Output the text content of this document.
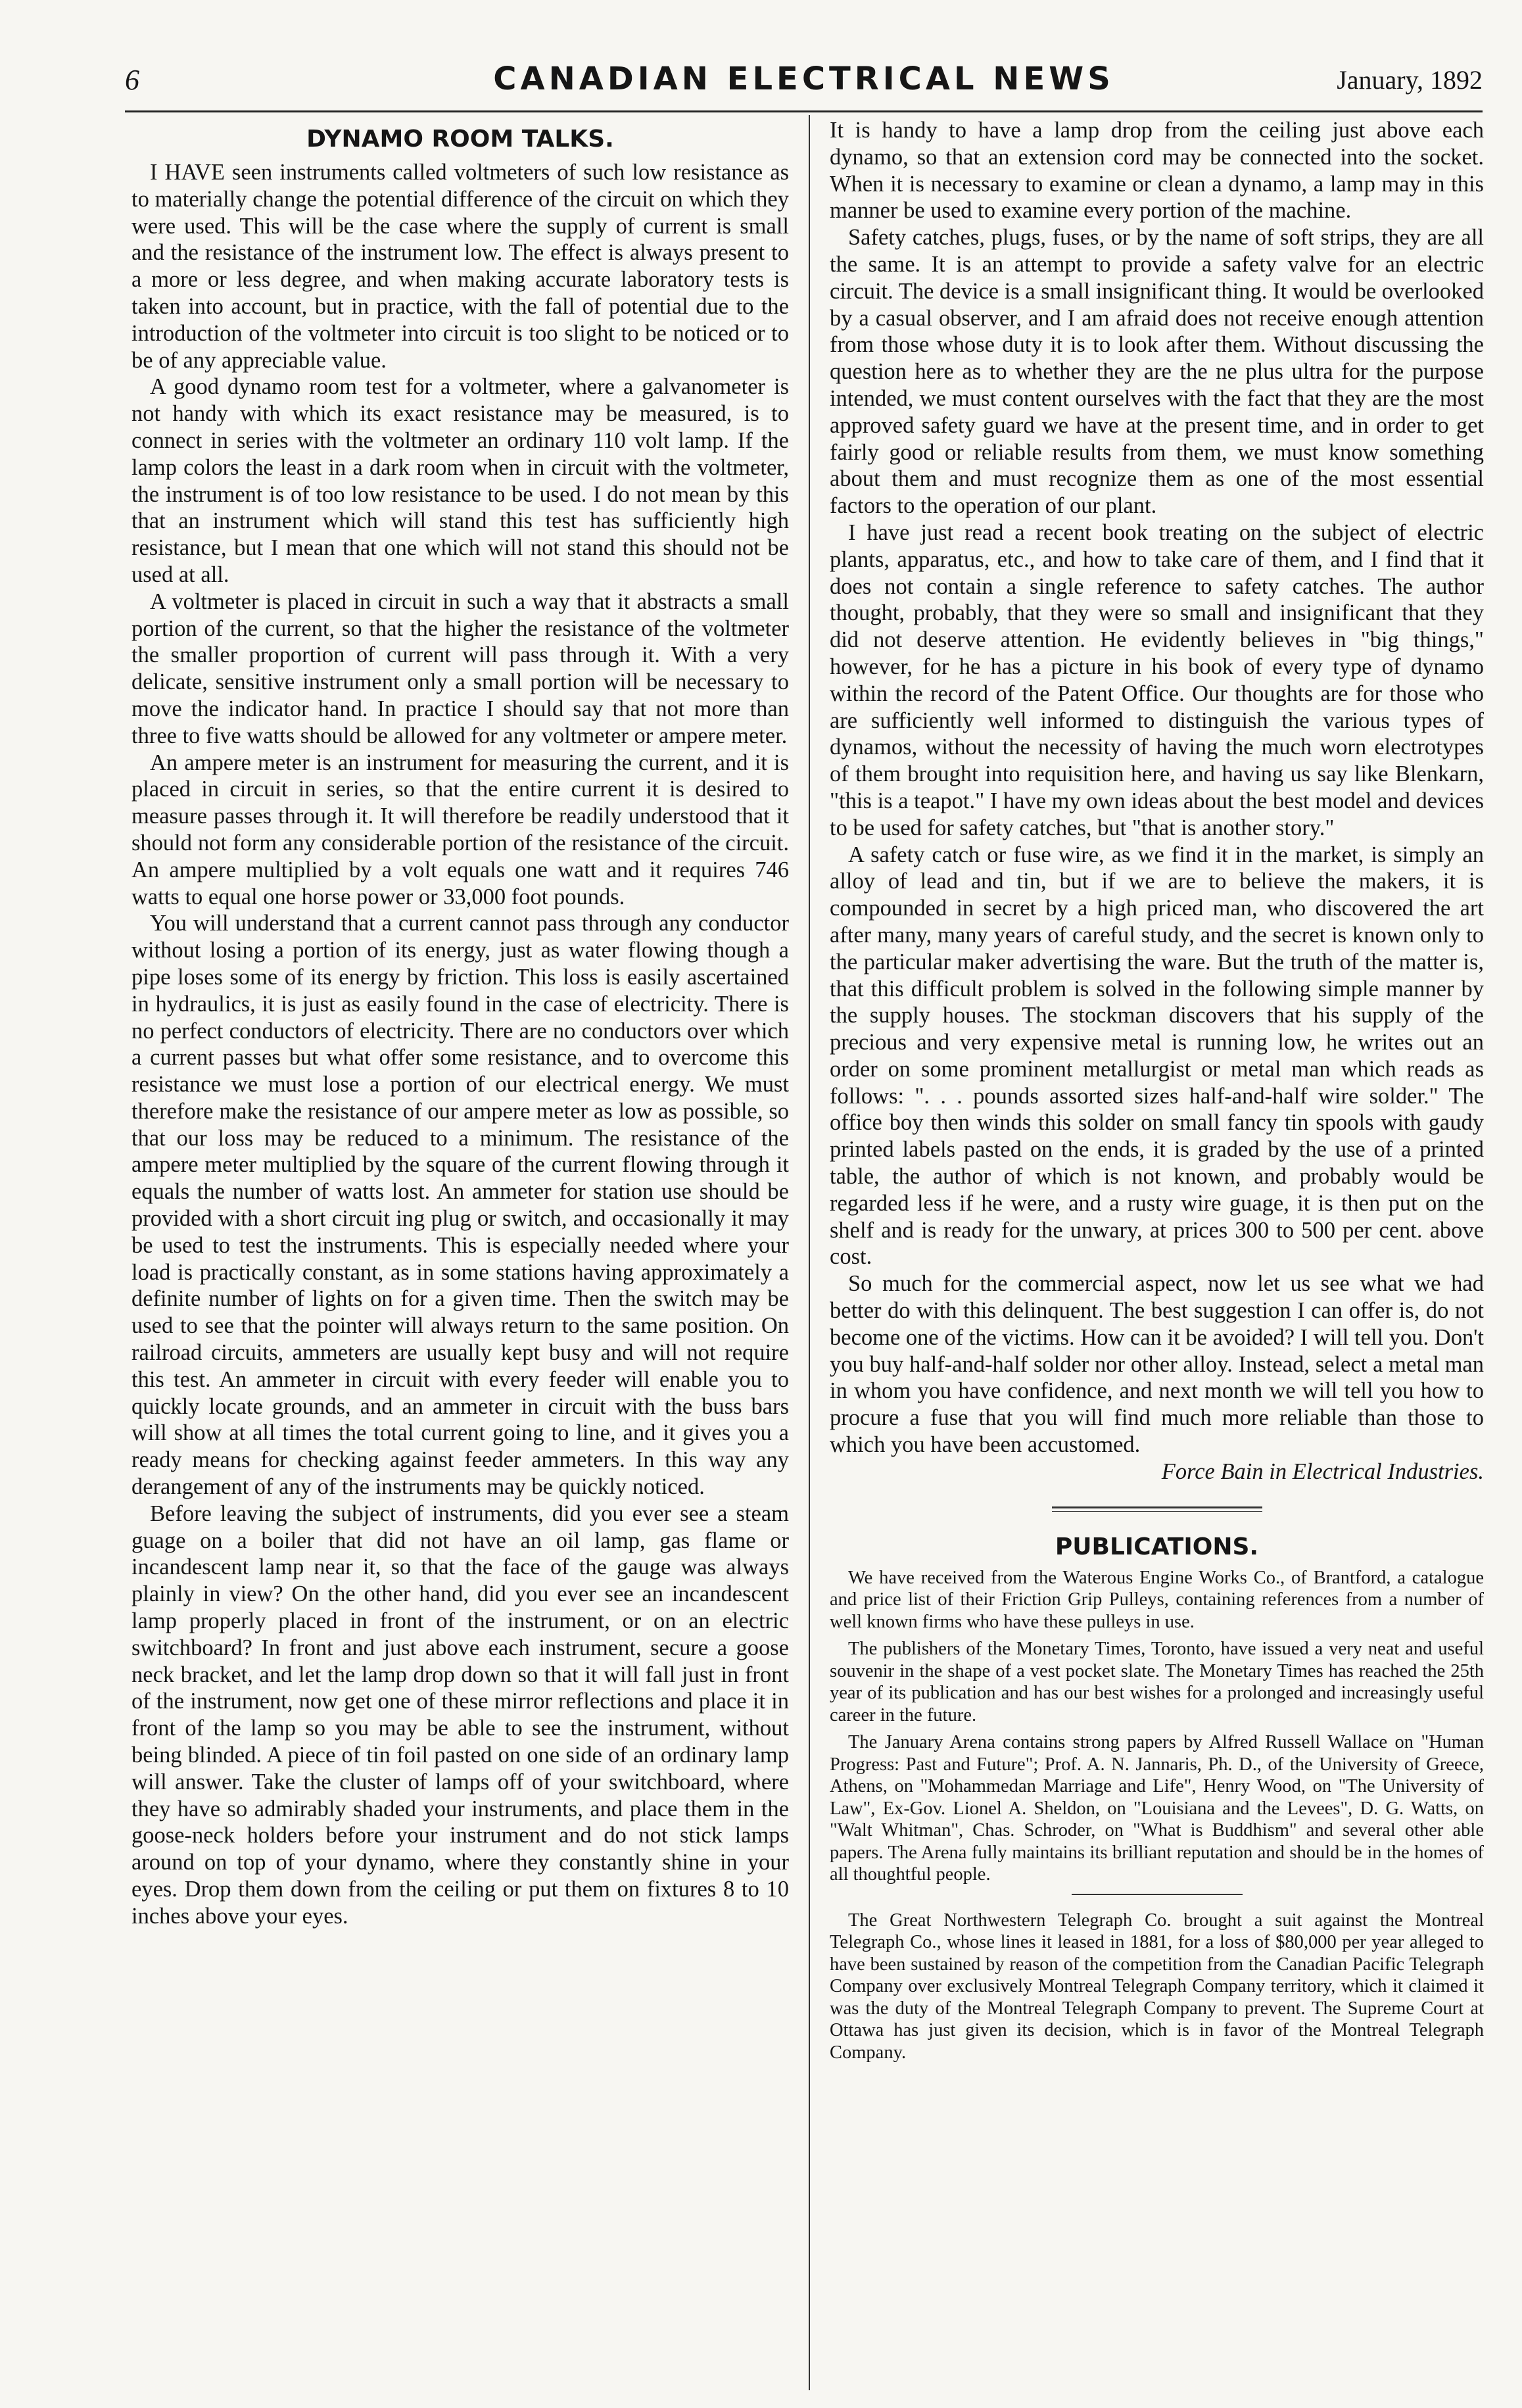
6	CANADIAN ELECTRICAL NEWS	January, 1892
DYNAMO ROOM TALKS.

I HAVE seen instruments called voltmeters of such low resistance as to materially change the potential difference of the circuit on which they were used. This will be the case where the supply of current is small and the resistance of the instrument low. The effect is always present to a more or less degree, and when making accurate laboratory tests is taken into account, but in practice, with the fall of potential due to the introduction of the voltmeter into circuit is too slight to be noticed or to be of any appreciable value.

A good dynamo room test for a voltmeter, where a galvanometer is not handy with which its exact resistance may be measured, is to connect in series with the voltmeter an ordinary 110 volt lamp. If the lamp colors the least in a dark room when in circuit with the voltmeter, the instrument is of too low resistance to be used. I do not mean by this that an instrument which will stand this test has sufficiently high resistance, but I mean that one which will not stand this should not be used at all.

A voltmeter is placed in circuit in such a way that it abstracts a small portion of the current, so that the higher the resistance of the voltmeter the smaller proportion of current will pass through it. With a very delicate, sensitive instrument only a small portion will be necessary to move the indicator hand. In practice I should say that not more than three to five watts should be allowed for any voltmeter or ampere meter.

An ampere meter is an instrument for measuring the current, and it is placed in circuit in series, so that the entire current it is desired to measure passes through it. It will therefore be readily understood that it should not form any considerable portion of the resistance of the circuit. An ampere multiplied by a volt equals one watt and it requires 746 watts to equal one horse power or 33,000 foot pounds.

You will understand that a current cannot pass through any conductor without losing a portion of its energy, just as water flowing though a pipe loses some of its energy by friction. This loss is easily ascertained in hydraulics, it is just as easily found in the case of electricity. There is no perfect conductors of electricity. There are no conductors over which a current passes but what offer some resistance, and to overcome this resistance we must lose a portion of our electrical energy. We must therefore make the resistance of our ampere meter as low as possible, so that our loss may be reduced to a minimum. The resistance of the ampere meter multiplied by the square of the current flowing through it equals the number of watts lost. An ammeter for station use should be provided with a short circuit ing plug or switch, and occasionally it may be used to test the instruments. This is especially needed where your load is practically constant, as in some stations having approximately a definite number of lights on for a given time. Then the switch may be used to see that the pointer will always return to the same position. On railroad circuits, ammeters are usually kept busy and will not require this test. An ammeter in circuit with every feeder will enable you to quickly locate grounds, and an ammeter in circuit with the buss bars will show at all times the total current going to line, and it gives you a ready means for checking against feeder ammeters. In this way any derangement of any of the instruments may be quickly noticed.

Before leaving the subject of instruments, did you ever see a steam guage on a boiler that did not have an oil lamp, gas flame or incandescent lamp near it, so that the face of the gauge was always plainly in view? On the other hand, did you ever see an incandescent lamp properly placed in front of the instrument, or on an electric switchboard? In front and just above each instrument, secure a goose neck bracket, and let the lamp drop down so that it will fall just in front of the instrument, now get one of these mirror reflections and place it in front of the lamp so you may be able to see the instrument, without being blinded. A piece of tin foil pasted on one side of an ordinary lamp will answer. Take the cluster of lamps off of your switchboard, where they have so admirably shaded your instruments, and place them in the goose-neck holders before your instrument and do not stick lamps around on top of your dynamo, where they constantly shine in your eyes. Drop them down from the ceiling or put them on fixtures 8 to 10 inches above your eyes.

It is handy to have a lamp drop from the ceiling just above each dynamo, so that an extension cord may be connected into the socket. When it is necessary to examine or clean a dynamo, a lamp may in this manner be used to examine every portion of the machine.

Safety catches, plugs, fuses, or by the name of soft strips, they are all the same. It is an attempt to provide a safety valve for an electric circuit. The device is a small insignificant thing. It would be overlooked by a casual observer, and I am afraid does not receive enough attention from those whose duty it is to look after them. Without discussing the question here as to whether they are the ne plus ultra for the purpose intended, we must content ourselves with the fact that they are the most approved safety guard we have at the present time, and in order to get fairly good or reliable results from them, we must know something about them and must recognize them as one of the most essential factors to the operation of our plant.

I have just read a recent book treating on the subject of electric plants, apparatus, etc., and how to take care of them, and I find that it does not contain a single reference to safety catches. The author thought, probably, that they were so small and insignificant that they did not deserve attention. He evidently believes in "big things," however, for he has a picture in his book of every type of dynamo within the record of the Patent Office. Our thoughts are for those who are sufficiently well informed to distinguish the various types of dynamos, without the necessity of having the much worn electrotypes of them brought into requisition here, and having us say like Blenkarn, "this is a teapot." I have my own ideas about the best model and devices to be used for safety catches, but "that is another story."

A safety catch or fuse wire, as we find it in the market, is simply an alloy of lead and tin, but if we are to believe the makers, it is compounded in secret by a high priced man, who discovered the art after many, many years of careful study, and the secret is known only to the particular maker advertising the ware. But the truth of the matter is, that this difficult problem is solved in the following simple manner by the supply houses. The stockman discovers that his supply of the precious and very expensive metal is running low, he writes out an order on some prominent metallurgist or metal man which reads as follows: ". . . pounds assorted sizes half-and-half wire solder." The office boy then winds this solder on small fancy tin spools with gaudy printed labels pasted on the ends, it is graded by the use of a printed table, the author of which is not known, and probably would be regarded less if he were, and a rusty wire guage, it is then put on the shelf and is ready for the unwary, at prices 300 to 500 per cent. above cost.

So much for the commercial aspect, now let us see what we had better do with this delinquent. The best suggestion I can offer is, do not become one of the victims. How can it be avoided? I will tell you. Don't you buy half-and-half solder nor other alloy. Instead, select a metal man in whom you have confidence, and next month we will tell you how to procure a fuse that you will find much more reliable than those to which you have been accustomed.

Force Bain in Electrical Industries.

PUBLICATIONS.

We have received from the Waterous Engine Works Co., of Brantford, a catalogue and price list of their Friction Grip Pulleys, containing references from a number of well known firms who have these pulleys in use.

The publishers of the Monetary Times, Toronto, have issued a very neat and useful souvenir in the shape of a vest pocket slate. The Monetary Times has reached the 25th year of its publication and has our best wishes for a prolonged and increasingly useful career in the future.

The January Arena contains strong papers by Alfred Russell Wallace on "Human Progress: Past and Future"; Prof. A. N. Jannaris, Ph. D., of the University of Greece, Athens, on "Mohammedan Marriage and Life", Henry Wood, on "The University of Law", Ex-Gov. Lionel A. Sheldon, on "Louisiana and the Levees", D. G. Watts, on "Walt Whitman", Chas. Schroder, on "What is Buddhism" and several other able papers. The Arena fully maintains its brilliant reputation and should be in the homes of all thoughtful people.

The Great Northwestern Telegraph Co. brought a suit against the Montreal Telegraph Co., whose lines it leased in 1881, for a loss of $80,000 per year alleged to have been sustained by reason of the competition from the Canadian Pacific Telegraph Company over exclusively Montreal Telegraph Company territory, which it claimed it was the duty of the Montreal Telegraph Company to prevent. The Supreme Court at Ottawa has just given its decision, which is in favor of the Montreal Telegraph Company.
